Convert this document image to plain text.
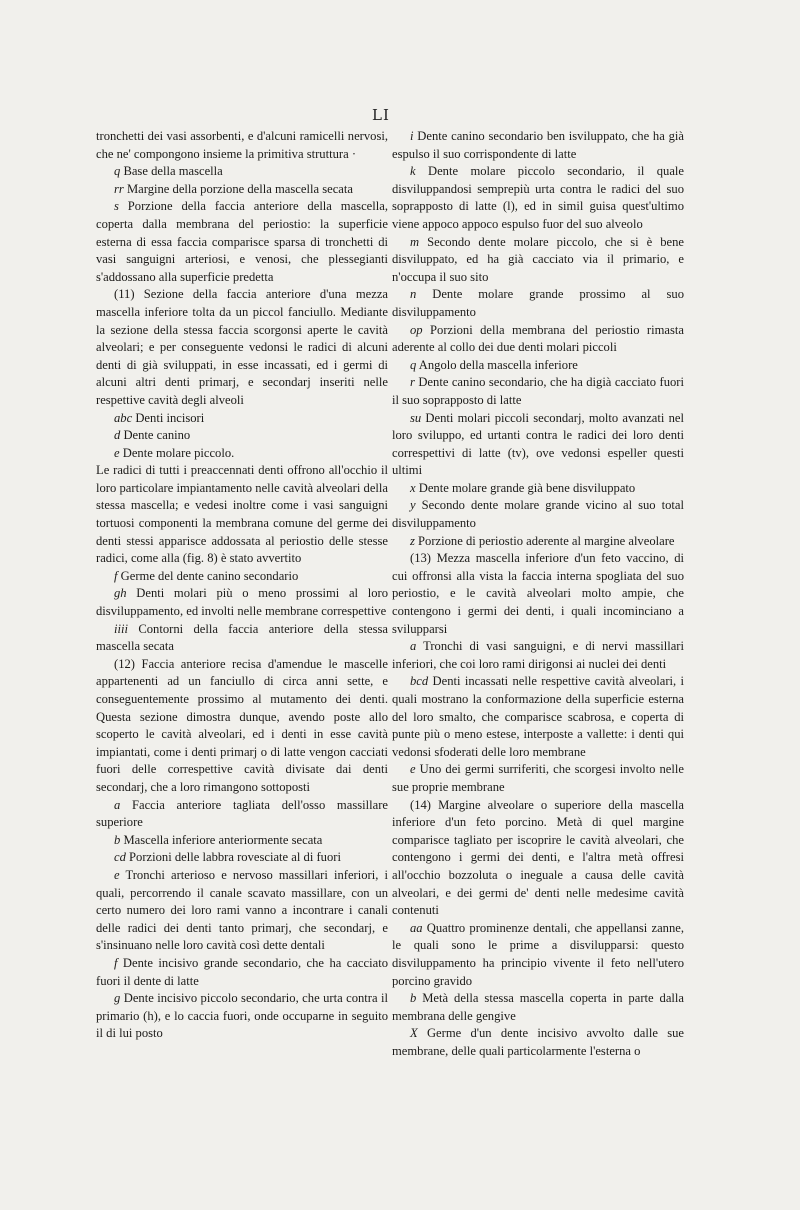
LI

tronchetti dei vasi assorbenti, e d'alcuni ramicelli nervosi, che ne' compongono insieme la primitiva struttura ·

q Base della mascella

rr Margine della porzione della mascella secata

s Porzione della faccia anteriore della mascella, coperta dalla membrana del periostio: la superficie esterna di essa faccia comparisce sparsa di tronchetti di vasi sanguigni arteriosi, e venosi, che plessegianti s'addossano alla superficie predetta

(11) Sezione della faccia anteriore d'una mezza mascella inferiore tolta da un piccol fanciullo. Mediante la sezione della stessa faccia scorgonsi aperte le cavità alveolari; e per conseguente vedonsi le radici di alcuni denti di già sviluppati, in esse incassati, ed i germi di alcuni altri denti primarj, e secondarj inseriti nelle respettive cavità degli alveoli

abc Denti incisori

d Dente canino

e Dente molare piccolo.

Le radici di tutti i preaccennati denti offrono all'occhio il loro particolare impiantamento nelle cavità alveolari della stessa mascella; e vedesi inoltre come i vasi sanguigni tortuosi componenti la membrana comune del germe dei denti stessi apparisce addossata al periostio delle stesse radici, come alla (fig. 8) è stato avvertito

f Germe del dente canino secondario

gh Denti molari più o meno prossimi al loro disviluppamento, ed involti nelle membrane correspettive

iiii Contorni della faccia anteriore della stessa mascella secata

(12) Faccia anteriore recisa d'amendue le mascelle appartenenti ad un fanciullo di circa anni sette, e conseguentemente prossimo al mutamento dei denti. Questa sezione dimostra dunque, avendo poste allo scoperto le cavità alveolari, ed i denti in esse cavità impiantati, come i denti primarj o di latte vengon cacciati fuori delle correspettive cavità divisate dai denti secondarj, che a loro rimangono sottoposti

a Faccia anteriore tagliata dell'osso massillare superiore

b Mascella inferiore anteriormente secata

cd Porzioni delle labbra rovesciate al di fuori

e Tronchi arterioso e nervoso massillari inferiori, i quali, percorrendo il canale scavato massillare, con un certo numero dei loro rami vanno a incontrare i canali delle radici dei denti tanto primarj, che secondarj, e s'insinuano nelle loro cavità così dette dentali

f Dente incisivo grande secondario, che ha cacciato fuori il dente di latte

g Dente incisivo piccolo secondario, che urta contra il primario (h), e lo caccia fuori, onde occuparne in seguito il di lui posto

i Dente canino secondario ben isviluppato, che ha già espulso il suo corrispondente di latte

k Dente molare piccolo secondario, il quale disviluppandosi semprepiù urta contra le radici del suo soprapposto di latte (l), ed in simil guisa quest'ultimo viene appoco appoco espulso fuor del suo alveolo

m Secondo dente molare piccolo, che si è bene disviluppato, ed ha già cacciato via il primario, e n'occupa il suo sito

n Dente molare grande prossimo al suo disviluppamento

op Porzioni della membrana del periostio rimasta aderente al collo dei due denti molari piccoli

q Angolo della mascella inferiore

r Dente canino secondario, che ha digià cacciato fuori il suo soprapposto di latte

su Denti molari piccoli secondarj, molto avanzati nel loro sviluppo, ed urtanti contra le radici dei loro denti correspettivi di latte (tv), ove vedonsi espeller questi ultimi

x Dente molare grande già bene disviluppato

y Secondo dente molare grande vicino al suo total disviluppamento

z Porzione di periostio aderente al margine alveolare

(13) Mezza mascella inferiore d'un feto vaccino, di cui offronsi alla vista la faccia interna spogliata del suo periostio, e le cavità alveolari molto ampie, che contengono i germi dei denti, i quali incominciano a svilupparsi

a Tronchi di vasi sanguigni, e di nervi massillari inferiori, che coi loro rami dirigonsi ai nuclei dei denti

bcd Denti incassati nelle respettive cavità alveolari, i quali mostrano la conformazione della superficie esterna del loro smalto, che comparisce scabrosa, e coperta di punte più o meno estese, interposte a vallette: i denti qui vedonsi sfoderati delle loro membrane

e Uno dei germi surriferiti, che scorgesi involto nelle sue proprie membrane

(14) Margine alveolare o superiore della mascella inferiore d'un feto porcino. Metà di quel margine comparisce tagliato per iscoprire le cavità alveolari, che contengono i germi dei denti, e l'altra metà offresi all'occhio bozzoluta o ineguale a causa delle cavità alveolari, e dei germi de' denti nelle medesime cavità contenuti

aa Quattro prominenze dentali, che appellansi zanne, le quali sono le prime a disvilupparsi: questo disviluppamento ha principio vivente il feto nell'utero porcino gravido

b Metà della stessa mascella coperta in parte dalla membrana delle gengive

X Germe d'un dente incisivo avvolto dalle sue membrane, delle quali particolarmente l'esterna o
